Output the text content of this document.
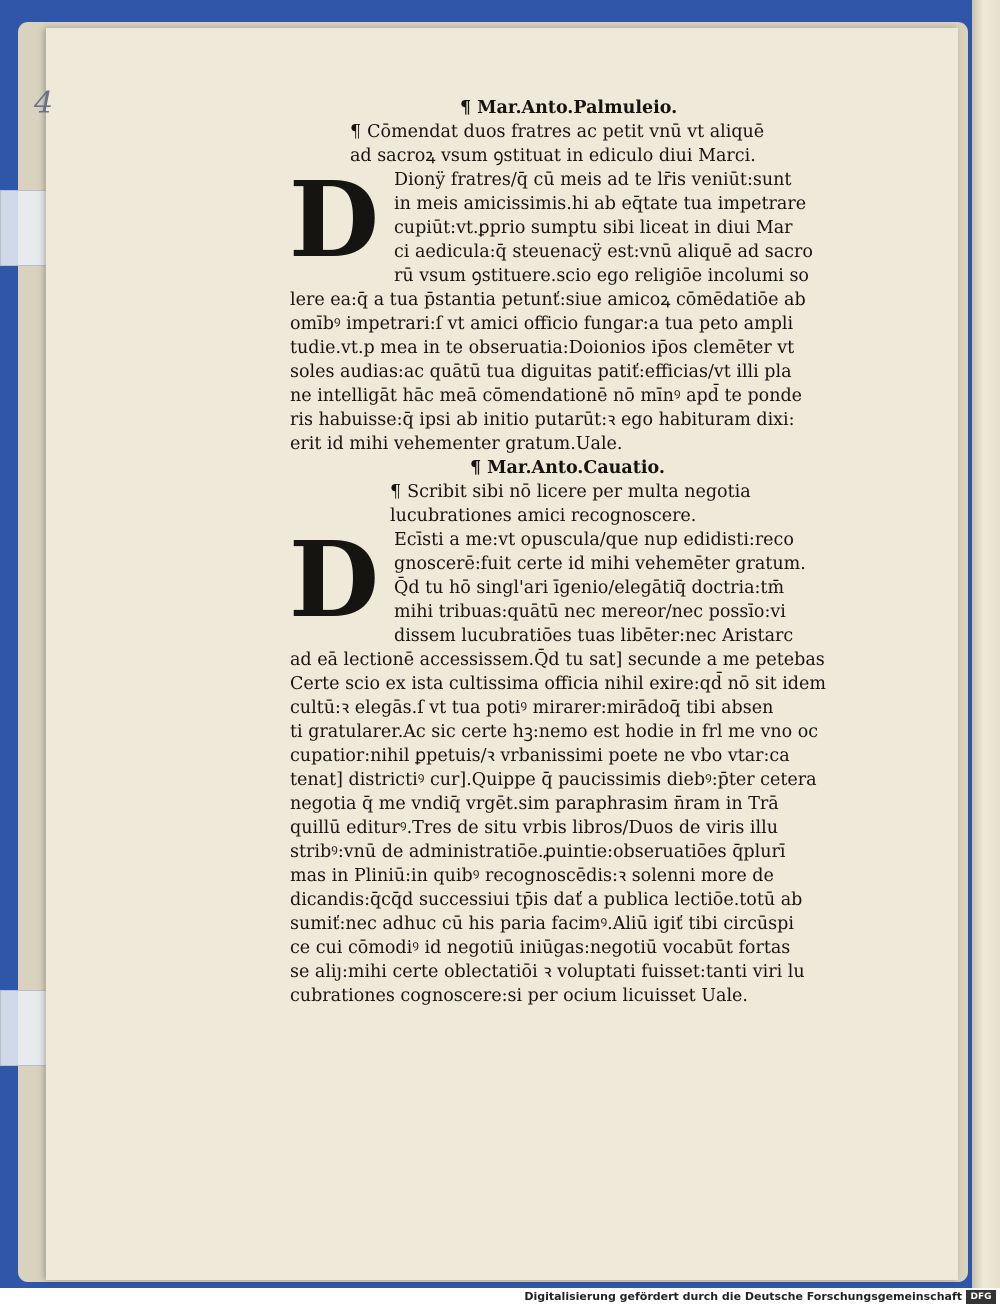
4	¶ Mar.Anto.Palmuleio.

¶ Cōmendat duos fratres ac petit vnū vt aliquē

ad sacroꝝ vsum ꝯstituat in ediculo diui Marci.

D Dionÿ fratres/q̄ cū meis ad te lr̄is veniūt:sunt

in meis amicissimis.hi ab eq̄tate tua impetrare

cupiūt:vt.ꝑprio sumptu sibi liceat in diui Mar

ci aedicula:q̄ steuenacÿ est:vnū aliquē ad sacro

rū vsum ꝯstituere.scio ego religiōe incolumi so

lere ea:q̄ a tua p̄stantia petunť:siue amicoꝝ cōmēdatiōe ab

omībꝰ impetrari:ſ vt amici officio fungar:a tua peto ampli

tudie.vt.p mea in te obseruatia:Doionios ip̄os clemēter vt

soles audias:ac quātū tua diguitas patiť:efficias/vt illi pla

ne intelligāt hāc meā cōmendationē nō mīnꝰ apd̄ te ponde

ris habuisse:q̄ ipsi ab initio putarūt:ꝛ ego habituram dixi:

erit id mihi vehementer gratum.Uale.

¶ Mar.Anto.Cauatio.

¶ Scribit sibi nō licere per multa negotia

lucubrationes amici recognoscere.

D Ecīsti a me:vt opuscula/que nup edidisti:reco

gnoscerē:fuit certe id mihi vehemēter gratum.

Q̄d tu hō singl'ari īgenio/elegātiq̄ doctria:tm̄

mihi tribuas:quātū nec mereor/nec possīo:vi

dissem lucubratiōes tuas libēter:nec Aristarc

ad eā lectionē accessissem.Q̄d tu sat] secunde a me petebas

Certe scio ex ista cultissima officia nihil exire:qd̄ nō sit idem

cultū:ꝛ elegās.ſ vt tua potiꝰ mirarer:mirādoq̄ tibi absen

ti gratularer.Ac sic certe hꝫ:nemo est hodie in frl me vno oc

cupatior:nihil ꝑpetuis/ꝛ vrbanissimi poete ne vbo vtar:ca

tenat] districtiꝰ cur].Quippe q̄ paucissimis diebꝰ:p̄ter cetera

negotia q̄ me vndiq̄ vrgēt.sim paraphrasim n̄ram in Trā

quillū editurꝰ.Tres de situ vrbis libros/Duos de viris illu

stribꝰ:vnū de administratiōe.ꝓuintie:obseruatiōes q̄plurī

mas in Pliniū:in quibꝰ recognoscēdis:ꝛ solenni more de

dicandis:q̄cq̄d successiui tp̄is dať a publica lectiōe.totū ab

sumiť:nec adhuc cū his paria facimꝰ.Aliū igiť tibi circūspi

ce cui cōmodiꝰ id negotiū iniūgas:negotiū vocabūt fortas

se aliȷ:mihi certe oblectatiōi ꝛ voluptati fuisset:tanti viri lu

cubrationes cognoscere:si per ocium licuisset Uale.

Digitalisierung gefördert durch die Deutsche Forschungsgemeinschaft DFG
